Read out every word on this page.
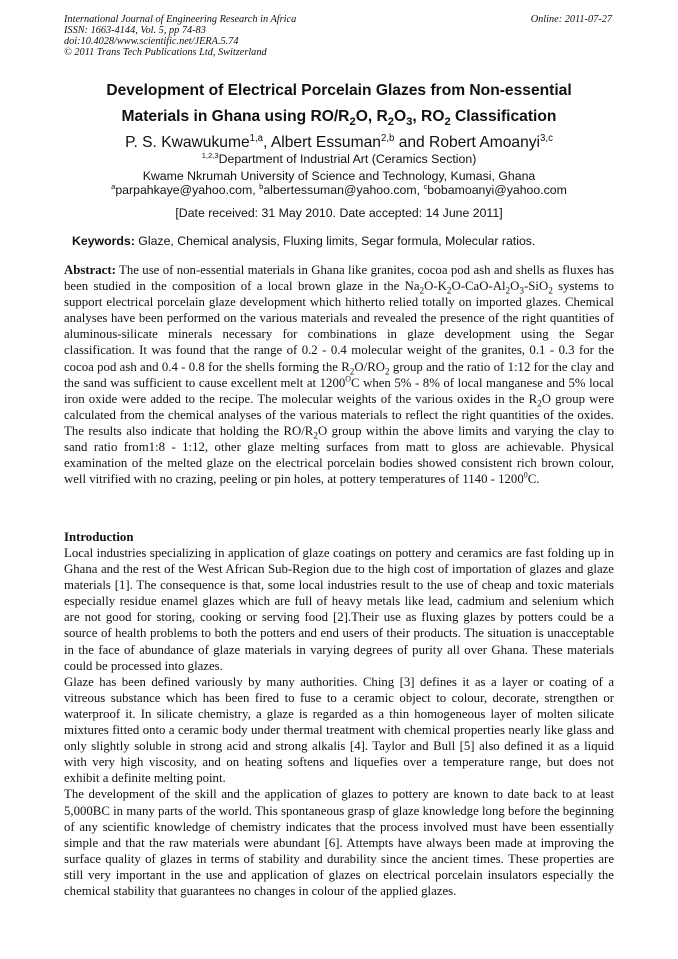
International Journal of Engineering Research in Africa
ISSN: 1663-4144, Vol. 5, pp 74-83
doi:10.4028/www.scientific.net/JERA.5.74
© 2011 Trans Tech Publications Ltd, Switzerland
Online: 2011-07-27
Development of Electrical Porcelain Glazes from Non-essential
Materials in Ghana using $RO/R_2O$, $R_2O_3$, $RO_2$ Classification
P. S. Kwawukume$^{1,a}$, Albert Essuman$^{2,b}$ and Robert Amoanyi$^{3,c}$
$^{1,2,3}$Department of Industrial Art (Ceramics Section)
Kwame Nkrumah University of Science and Technology, Kumasi, Ghana
$^a$parpahkaye@yahoo.com, $^b$albertessuman@yahoo.com, $^c$bobamoanyi@yahoo.com
[Date received: 31 May 2010. Date accepted: 14 June 2011]
Keywords: Glaze, Chemical analysis, Fluxing limits, Segar formula, Molecular ratios.
Abstract: The use of non-essential materials in Ghana like granites, cocoa pod ash and shells as fluxes has been studied in the composition of a local brown glaze in the $Na_2O-K_2O-CaO-Al_2O_3-SiO_2$ systems to support electrical porcelain glaze development which hitherto relied totally on imported glazes. Chemical analyses have been performed on the various materials and revealed the presence of the right quantities of aluminous-silicate minerals necessary for combinations in glaze development using the Segar classification. It was found that the range of 0.2 - 0.4 molecular weight of the granites, 0.1 - 0.3 for the cocoa pod ash and 0.4 - 0.8 for the shells forming the $R_2O/RO_2$ group and the ratio of 1:12 for the clay and the sand was sufficient to cause excellent melt at $1200^OC$ when 5% - 8% of local manganese and 5% local iron oxide were added to the recipe. The molecular weights of the various oxides in the $R_2O$ group were calculated from the chemical analyses of the various materials to reflect the right quantities of the oxides. The results also indicate that holding the $RO/R_2O$ group within the above limits and varying the clay to sand ratio from1:8 - 1:12, other glaze melting surfaces from matt to gloss are achievable. Physical examination of the melted glaze on the electrical porcelain bodies showed consistent rich brown colour, well vitrified with no crazing, peeling or pin holes, at pottery temperatures of 1140 - 1200$^0$C.
Introduction

Local industries specializing in application of glaze coatings on pottery and ceramics are fast folding up in Ghana and the rest of the West African Sub-Region due to the high cost of importation of glazes and glaze materials [1]. The consequence is that, some local industries result to the use of cheap and toxic materials especially residue enamel glazes which are full of heavy metals like lead, cadmium and selenium which are not good for storing, cooking or serving food [2].Their use as fluxing glazes by potters could be a source of health problems to both the potters and end users of their products. The situation is unacceptable in the face of abundance of glaze materials in varying degrees of purity all over Ghana. These materials could be processed into glazes.

Glaze has been defined variously by many authorities. Ching [3] defines it as a layer or coating of a vitreous substance which has been fired to fuse to a ceramic object to colour, decorate, strengthen or waterproof it. In silicate chemistry, a glaze is regarded as a thin homogeneous layer of molten silicate mixtures fitted onto a ceramic body under thermal treatment with chemical properties nearly like glass and only slightly soluble in strong acid and strong alkalis [4]. Taylor and Bull [5] also defined it as a liquid with very high viscosity, and on heating softens and liquefies over a temperature range, but does not exhibit a definite melting point.

The development of the skill and the application of glazes to pottery are known to date back to at least 5,000BC in many parts of the world. This spontaneous grasp of glaze knowledge long before the beginning of any scientific knowledge of chemistry indicates that the process involved must have been essentially simple and that the raw materials were abundant [6]. Attempts have always been made at improving the surface quality of glazes in terms of stability and durability since the ancient times. These properties are still very important in the use and application of glazes on electrical porcelain insulators especially the chemical stability that guarantees no changes in colour of the applied glazes.
